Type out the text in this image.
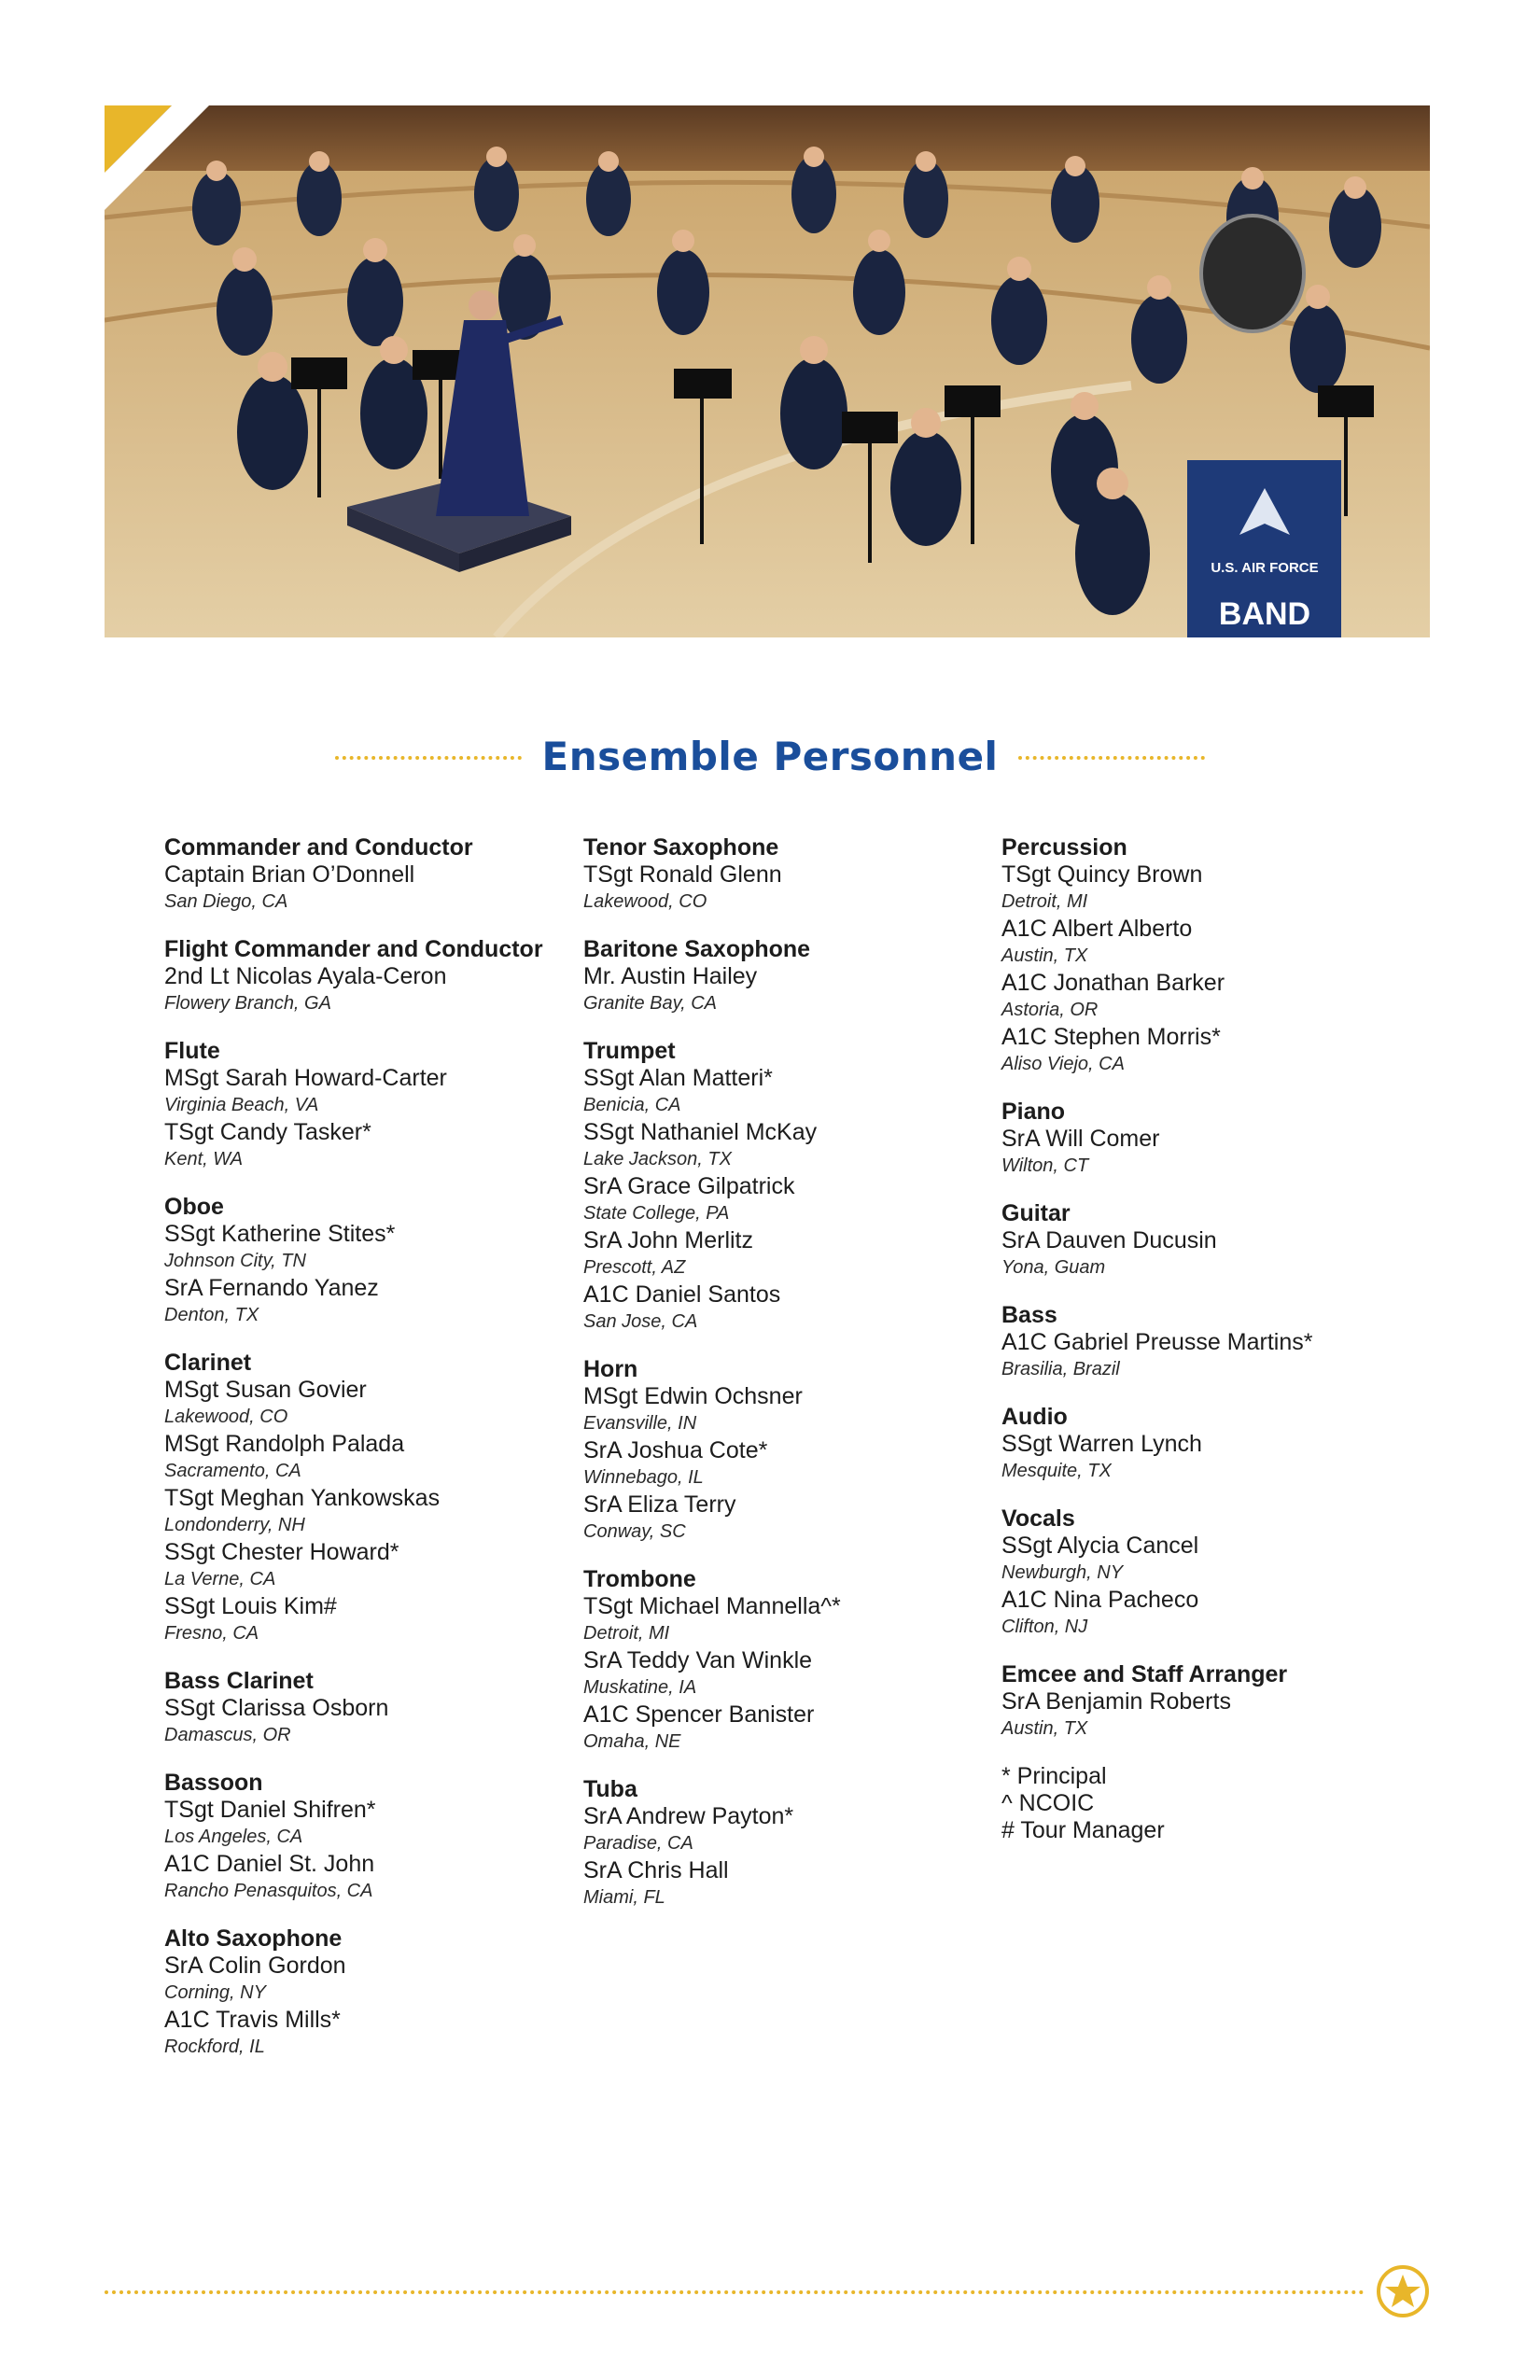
U.S. AIR FORCE
BAND
Ensemble Personnel
Commander and Conductor
Captain Brian O’Donnell
San Diego, CA
Flight Commander and Conductor
2nd Lt Nicolas Ayala-Ceron
Flowery Branch, GA
Flute
MSgt Sarah Howard-Carter
Virginia Beach, VA
TSgt Candy Tasker*
Kent, WA
Oboe
SSgt Katherine Stites*
Johnson City, TN
SrA Fernando Yanez
Denton, TX
Clarinet
MSgt Susan Govier
Lakewood, CO
MSgt Randolph Palada
Sacramento, CA
TSgt Meghan Yankowskas
Londonderry, NH
SSgt Chester Howard*
La Verne, CA
SSgt Louis Kim#
Fresno, CA
Bass Clarinet
SSgt Clarissa Osborn
Damascus, OR
Bassoon
TSgt Daniel Shifren*
Los Angeles, CA
A1C Daniel St. John
Rancho Penasquitos, CA
Alto Saxophone
SrA Colin Gordon
Corning, NY
A1C Travis Mills*
Rockford, IL
Tenor Saxophone
TSgt Ronald Glenn
Lakewood, CO
Baritone Saxophone
Mr. Austin Hailey
Granite Bay, CA
Trumpet
SSgt Alan Matteri*
Benicia, CA
SSgt Nathaniel McKay
Lake Jackson, TX
SrA Grace Gilpatrick
State College, PA
SrA John Merlitz
Prescott, AZ
A1C Daniel Santos
San Jose, CA
Horn
MSgt Edwin Ochsner
Evansville, IN
SrA Joshua Cote*
Winnebago, IL
SrA Eliza Terry
Conway, SC
Trombone
TSgt Michael Mannella^*
Detroit, MI
SrA Teddy Van Winkle
Muskatine, IA
A1C Spencer Banister
Omaha, NE
Tuba
SrA Andrew Payton*
Paradise, CA
SrA Chris Hall
Miami, FL
Percussion
TSgt Quincy Brown
Detroit, MI
A1C Albert Alberto
Austin, TX
A1C Jonathan Barker
Astoria, OR
A1C Stephen Morris*
Aliso Viejo, CA
Piano
SrA Will Comer
Wilton, CT
Guitar
SrA Dauven Ducusin
Yona, Guam
Bass
A1C Gabriel Preusse Martins*
Brasilia, Brazil
Audio
SSgt Warren Lynch
Mesquite, TX
Vocals
SSgt Alycia Cancel
Newburgh, NY
A1C Nina Pacheco
Clifton, NJ
Emcee and Staff Arranger
SrA Benjamin Roberts
Austin, TX
* Principal
^ NCOIC
# Tour Manager
